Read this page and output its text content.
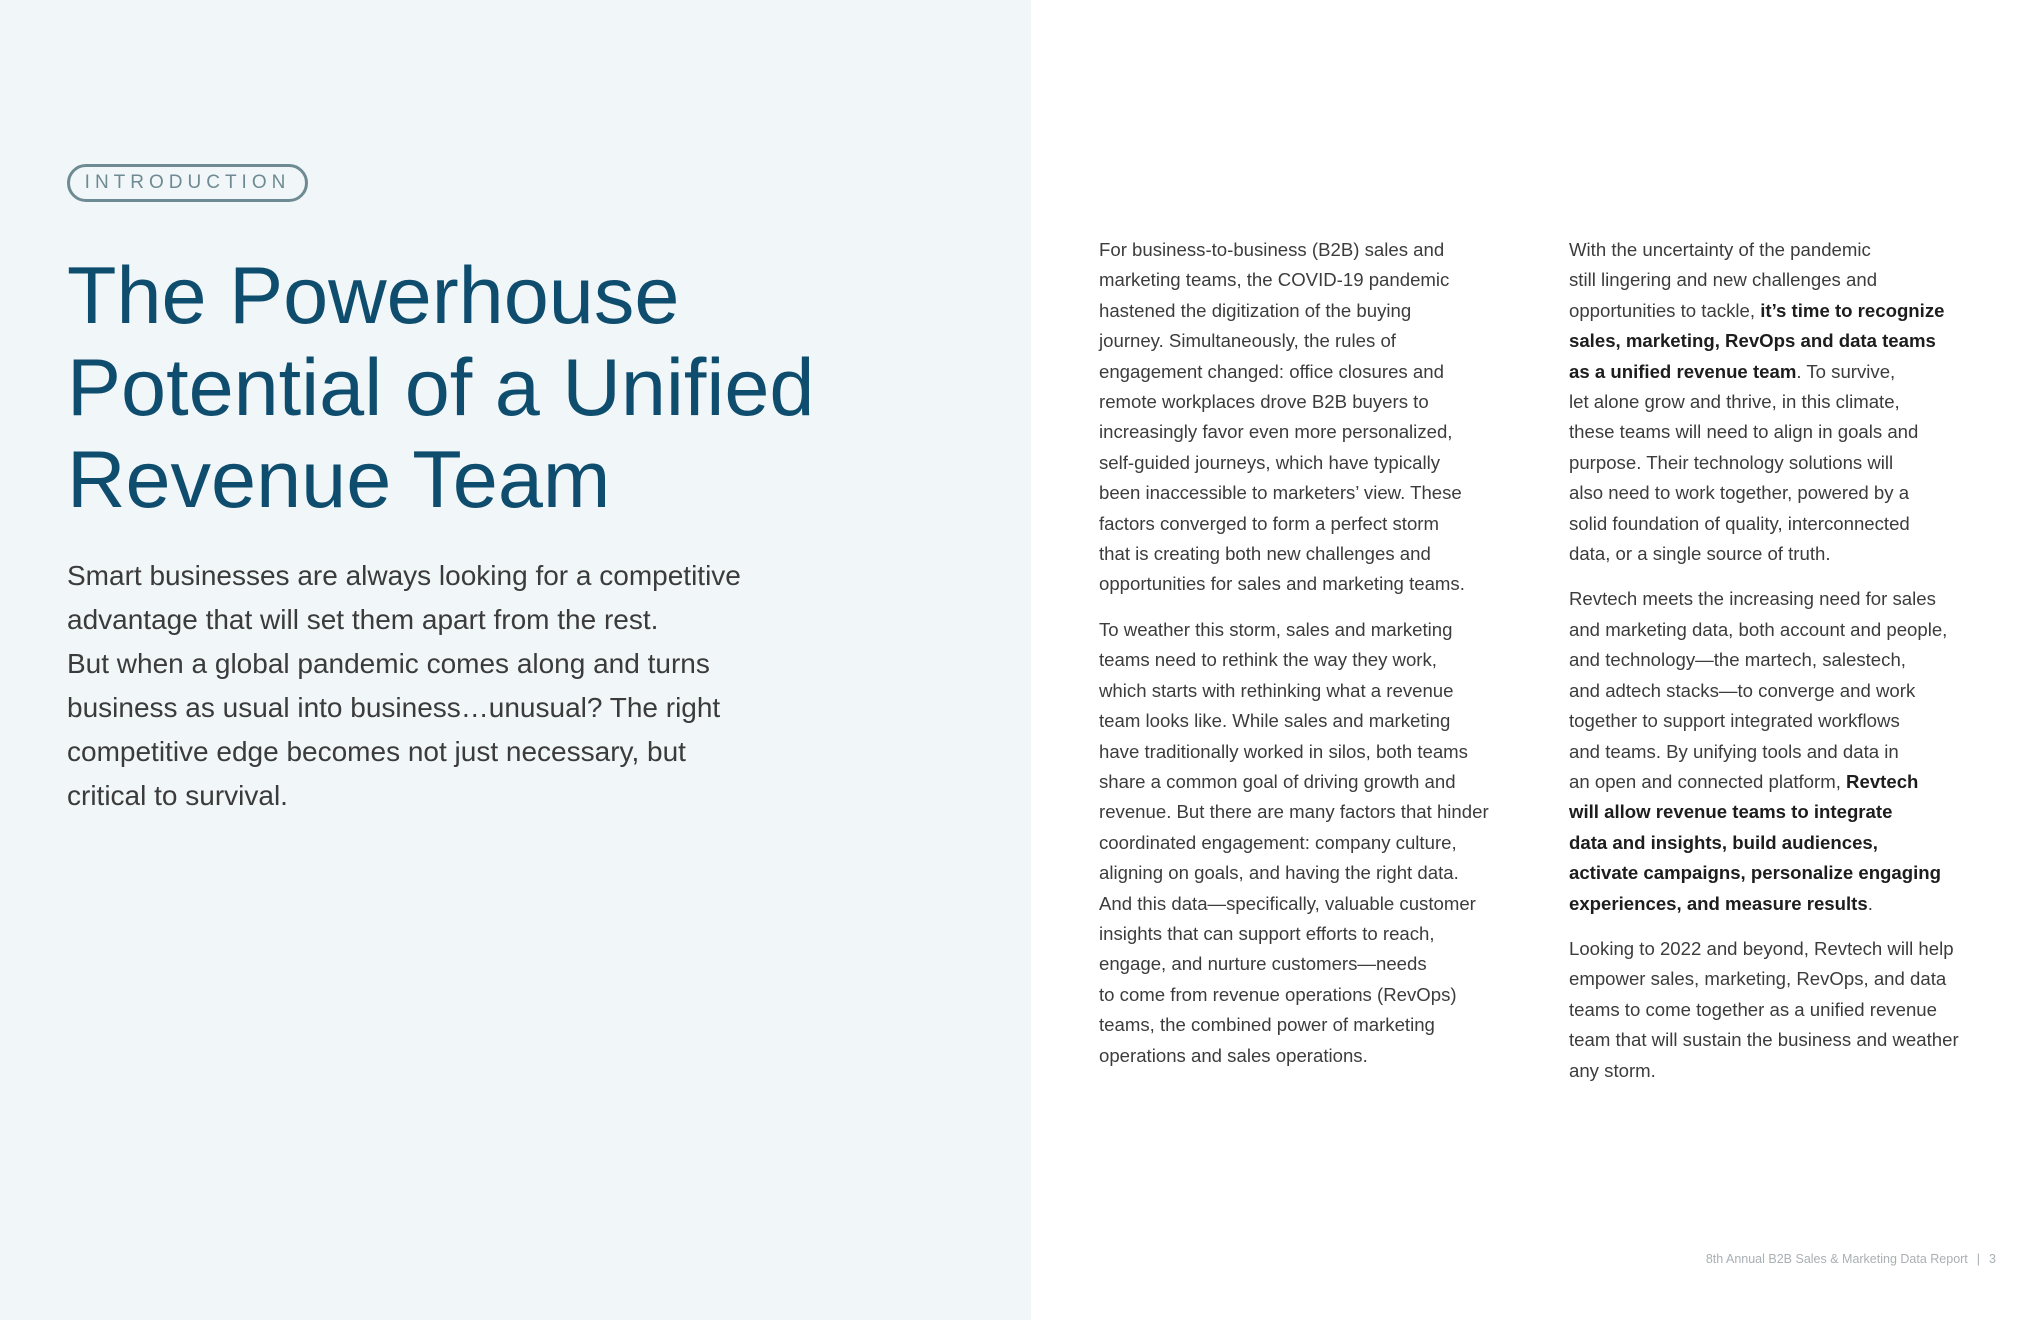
INTRODUCTION
The Powerhouse
Potential of a Unified
Revenue Team

Smart businesses are always looking for a competitive
advantage that will set them apart from the rest.

But when a global pandemic comes along and turns
business as usual into business…unusual? The right
competitive edge becomes not just necessary, but
critical to survival.

For business-to-business (B2B) sales and
marketing teams, the COVID-19 pandemic
hastened the digitization of the buying
journey. Simultaneously, the rules of
engagement changed: office closures and
remote workplaces drove B2B buyers to
increasingly favor even more personalized,
self-guided journeys, which have typically
been inaccessible to marketers’ view. These
factors converged to form a perfect storm
that is creating both new challenges and
opportunities for sales and marketing teams.

To weather this storm, sales and marketing
teams need to rethink the way they work,
which starts with rethinking what a revenue
team looks like. While sales and marketing
have traditionally worked in silos, both teams
share a common goal of driving growth and
revenue. But there are many factors that hinder
coordinated engagement: company culture,
aligning on goals, and having the right data.
And this data—specifically, valuable customer
insights that can support efforts to reach,
engage, and nurture customers—needs
to come from revenue operations (RevOps)
teams, the combined power of marketing
operations and sales operations.

With the uncertainty of the pandemic
still lingering and new challenges and
opportunities to tackle, it’s time to recognize
sales, marketing, RevOps and data teams
as a unified revenue team. To survive,
let alone grow and thrive, in this climate,
these teams will need to align in goals and
purpose. Their technology solutions will
also need to work together, powered by a
solid foundation of quality, interconnected
data, or a single source of truth.

Revtech meets the increasing need for sales
and marketing data, both account and people,
and technology—the martech, salestech,
and adtech stacks—to converge and work
together to support integrated workflows
and teams. By unifying tools and data in
an open and connected platform, Revtech
will allow revenue teams to integrate
data and insights, build audiences,
activate campaigns, personalize engaging
experiences, and measure results.

Looking to 2022 and beyond, Revtech will help
empower sales, marketing, RevOps, and data
teams to come together as a unified revenue
team that will sustain the business and weather
any storm.

8th Annual B2B Sales & Marketing Data Report | 3
